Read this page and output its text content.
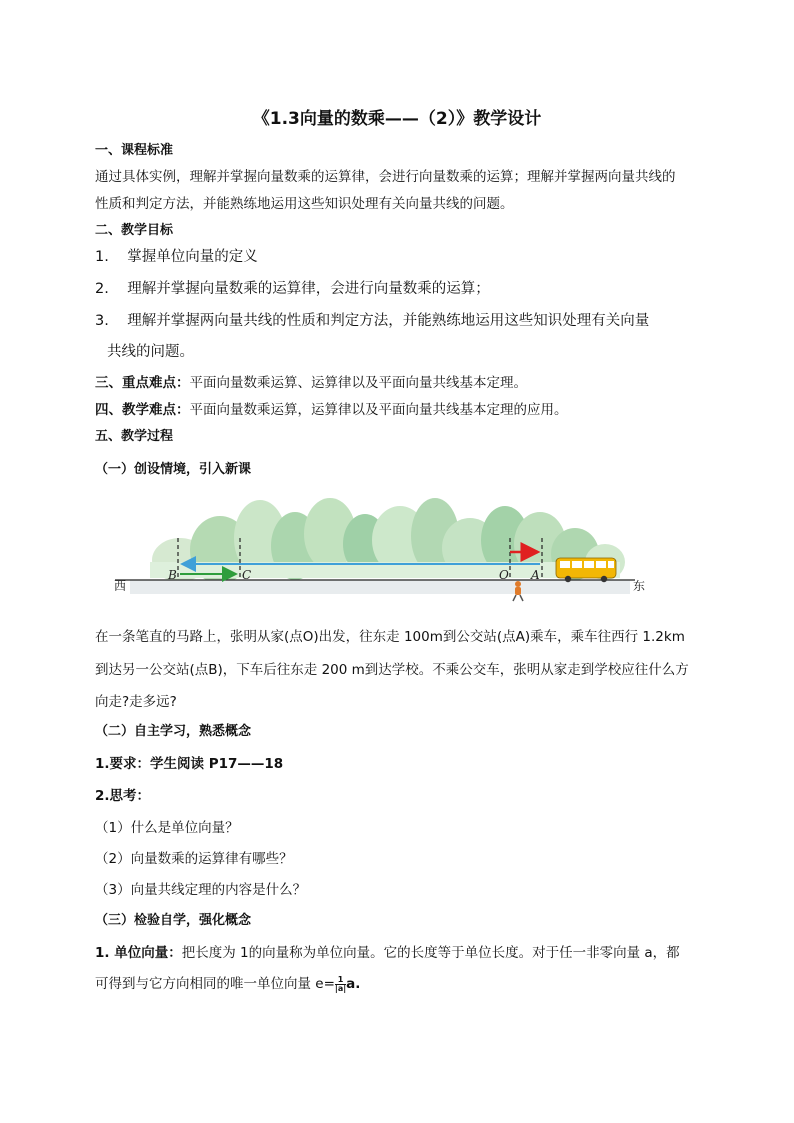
《1.3向量的数乘——（2）》教学设计
一、课程标准
通过具体实例，理解并掌握向量数乘的运算律，会进行向量数乘的运算；理解并掌握两向量共线的
性质和判定方法，并能熟练地运用这些知识处理有关向量共线的问题。
二、教学目标
1. 掌握单位向量的定义
2. 理解并掌握向量数乘的运算律，会进行向量数乘的运算；
3. 理解并掌握两向量共线的性质和判定方法，并能熟练地运用这些知识处理有关向量
共线的问题。
三、重点难点：平面向量数乘运算、运算律以及平面向量共线基本定理。
四、教学难点：平面向量数乘运算，运算律以及平面向量共线基本定理的应用。
五、教学过程
（一）创设情境，引入新课
西	东
B	C	O A
在一条笔直的马路上，张明从家(点O)出发，往东走 100m到公交站(点A)乘车，乘车往西行 1.2km
到达另一公交站(点B)，下车后往东走 200 m到达学校。不乘公交车，张明从家走到学校应往什么方
向走?走多远?
（二）自主学习，熟悉概念
1.要求：学生阅读 P17——18
2.思考：
（1）什么是单位向量？
（2）向量数乘的运算律有哪些？
（3）向量共线定理的内容是什么？
（三）检验自学，强化概念
1. 单位向量：把长度为 1的向量称为单位向量。它的长度等于单位长度。对于任一非零向量 a，都
可得到与它方向相同的唯一单位向量 $e= \frac{1}{|a|} a$.
